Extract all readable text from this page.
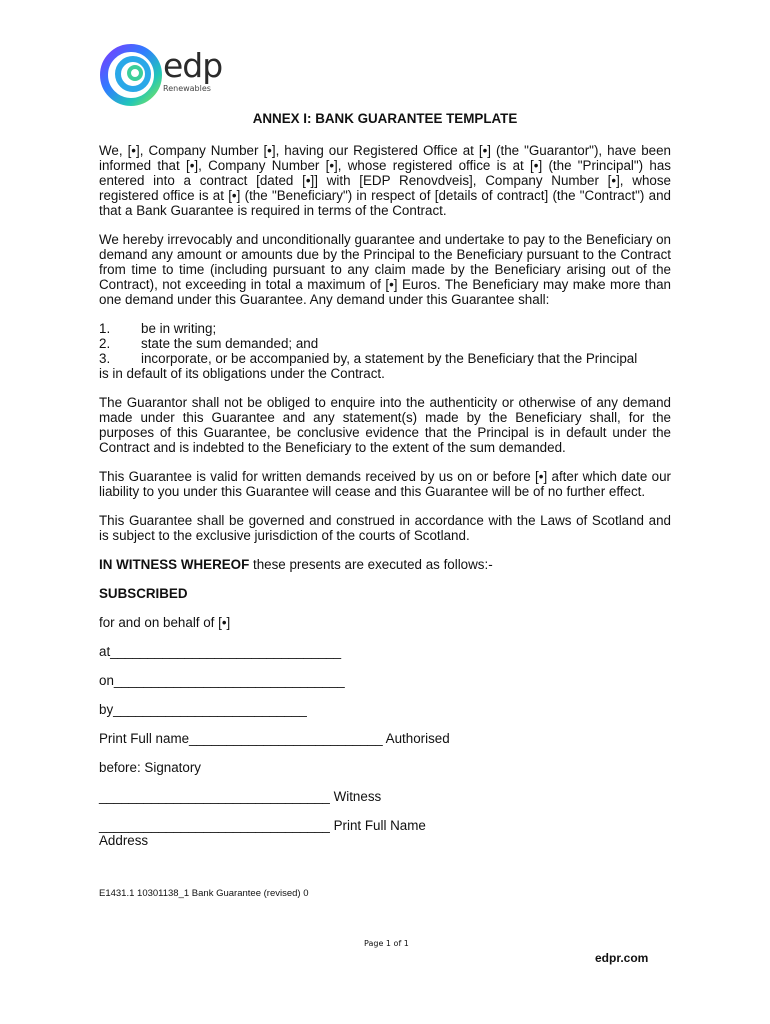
edp
Renewables
ANNEX I: BANK GUARANTEE TEMPLATE

We, [•], Company Number [•], having our Registered Office at [•] (the "Guarantor"), have been informed that [•], Company Number [•], whose registered office is at [•] (the "Principal") has entered into a contract [dated [•]] with [EDP Renovdveis], Company Number [•], whose registered office is at [•] (the "Beneficiary") in respect of [details of contract] (the "Contract") and that a Bank Guarantee is required in terms of the Contract.

We hereby irrevocably and unconditionally guarantee and undertake to pay to the Beneficiary on demand any amount or amounts due by the Principal to the Beneficiary pursuant to the Contract from time to time (including pursuant to any claim made by the Beneficiary arising out of the Contract), not exceeding in total a maximum of [•] Euros. The Beneficiary may make more than one demand under this Guarantee. Any demand under this Guarantee shall:

1.	be in writing;
2.	state the sum demanded; and
3.	incorporate, or be accompanied by, a statement by the Beneficiary that the Principal
is in default of its obligations under the Contract.

The Guarantor shall not be obliged to enquire into the authenticity or otherwise of any demand made under this Guarantee and any statement(s) made by the Beneficiary shall, for the purposes of this Guarantee, be conclusive evidence that the Principal is in default under the Contract and is indebted to the Beneficiary to the extent of the sum demanded.

This Guarantee is valid for written demands received by us on or before [•] after which date our liability to you under this Guarantee will cease and this Guarantee will be of no further effect.

This Guarantee shall be governed and construed in accordance with the Laws of Scotland and is subject to the exclusive jurisdiction of the courts of Scotland.

IN WITNESS WHEREOF these presents are executed as follows:-
SUBSCRIBED
for and on behalf of [•]
at_______________________________
on_______________________________
by__________________________
Print Full name__________________________ Authorised
before: Signatory
_______________________________ Witness
_______________________________ Print Full Name
Address
E1431.1 10301138_1 Bank Guarantee (revised) 0
Page 1 of 1
edpr.com
